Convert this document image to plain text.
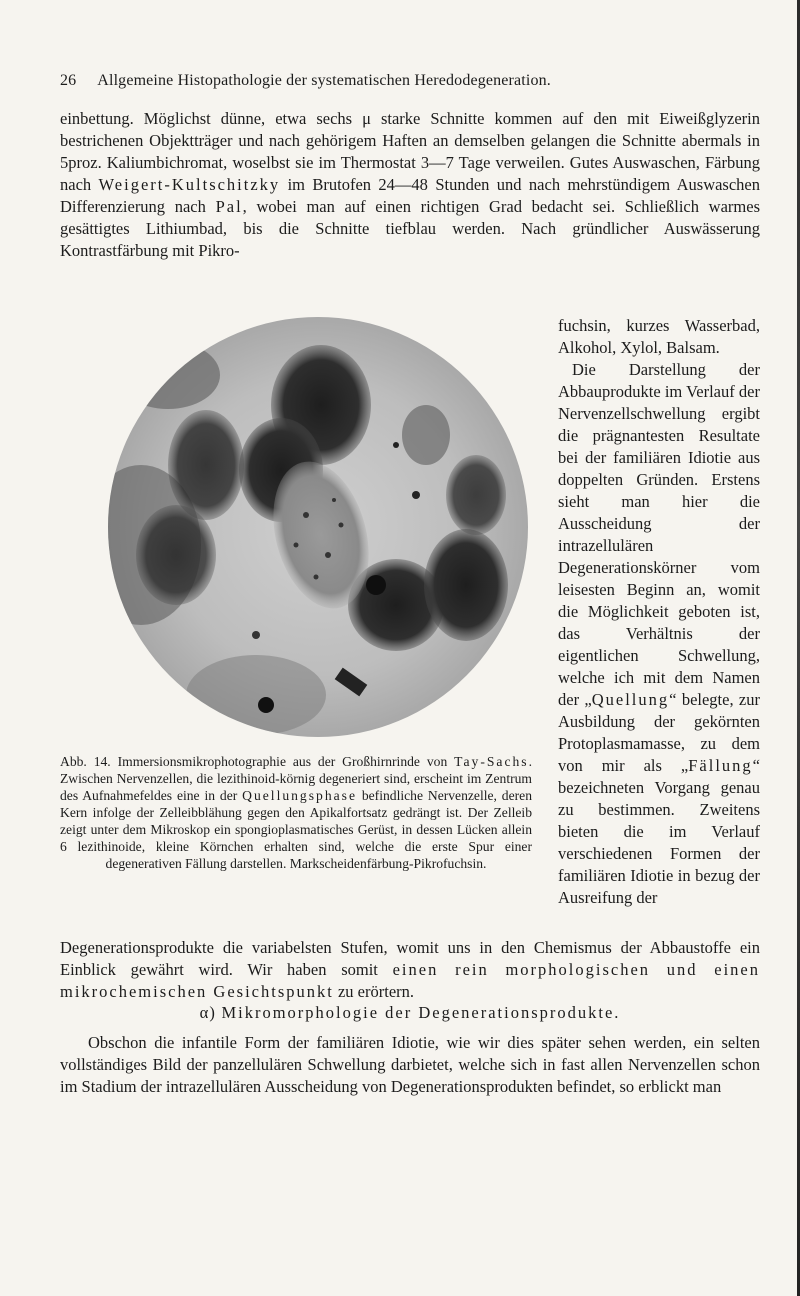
26 Allgemeine Histopathologie der systematischen Heredodegeneration.

einbettung. Möglichst dünne, etwa sechs μ starke Schnitte kommen auf den mit Eiweißglyzerin bestrichenen Objektträger und nach gehörigem Haften an demselben gelangen die Schnitte abermals in 5proz. Kaliumbichromat, woselbst sie im Thermostat 3—7 Tage verweilen. Gutes Auswaschen, Färbung nach Weigert-Kultschitzky im Brutofen 24—48 Stunden und nach mehrstündigem Auswaschen Differenzierung nach Pal, wobei man auf einen richtigen Grad bedacht sei. Schließlich warmes gesättigtes Lithiumbad, bis die Schnitte tiefblau werden. Nach gründlicher Auswässerung Kontrastfärbung mit Pikro-

fuchsin, kurzes Wasserbad, Alkohol, Xylol, Balsam.

Die Darstellung der Abbauprodukte im Verlauf der Nervenzellschwellung ergibt die prägnantesten Resultate bei der familiären Idiotie aus doppelten Gründen. Erstens sieht man hier die Ausscheidung der intrazellulären Degenerationskörner vom leisesten Beginn an, womit die Möglichkeit geboten ist, das Verhältnis der eigentlichen Schwellung, welche ich mit dem Namen der „Quellung“ belegte, zur Ausbildung der gekörnten Protoplasmamasse, zu dem von mir als „Fällung“ bezeichneten Vorgang genau zu bestimmen. Zweitens bieten die im Verlauf verschiedenen Formen der familiären Idiotie in bezug der Ausreifung der

Abb. 14. Immersionsmikrophotographie aus der Großhirnrinde von Tay-Sachs. Zwischen Nervenzellen, die lezithinoid-körnig degeneriert sind, erscheint im Zentrum des Aufnahmefeldes eine in der Quellungsphase befindliche Nervenzelle, deren Kern infolge der Zelleibblähung gegen den Apikalfortsatz gedrängt ist. Der Zelleib zeigt unter dem Mikroskop ein spongioplasmatisches Gerüst, in dessen Lücken allein 6 lezithinoide, kleine Körnchen erhalten sind, welche die erste Spur einer degenerativen Fällung darstellen. Markscheidenfärbung-Pikrofuchsin.

Degenerationsprodukte die variabelsten Stufen, womit uns in den Chemismus der Abbaustoffe ein Einblick gewährt wird. Wir haben somit einen rein morphologischen und einen mikrochemischen Gesichtspunkt zu erörtern.

α) Mikromorphologie der Degenerationsprodukte.

Obschon die infantile Form der familiären Idiotie, wie wir dies später sehen werden, ein selten vollständiges Bild der panzellulären Schwellung darbietet, welche sich in fast allen Nervenzellen schon im Stadium der intrazellulären Ausscheidung von Degenerationsprodukten befindet, so erblickt man
